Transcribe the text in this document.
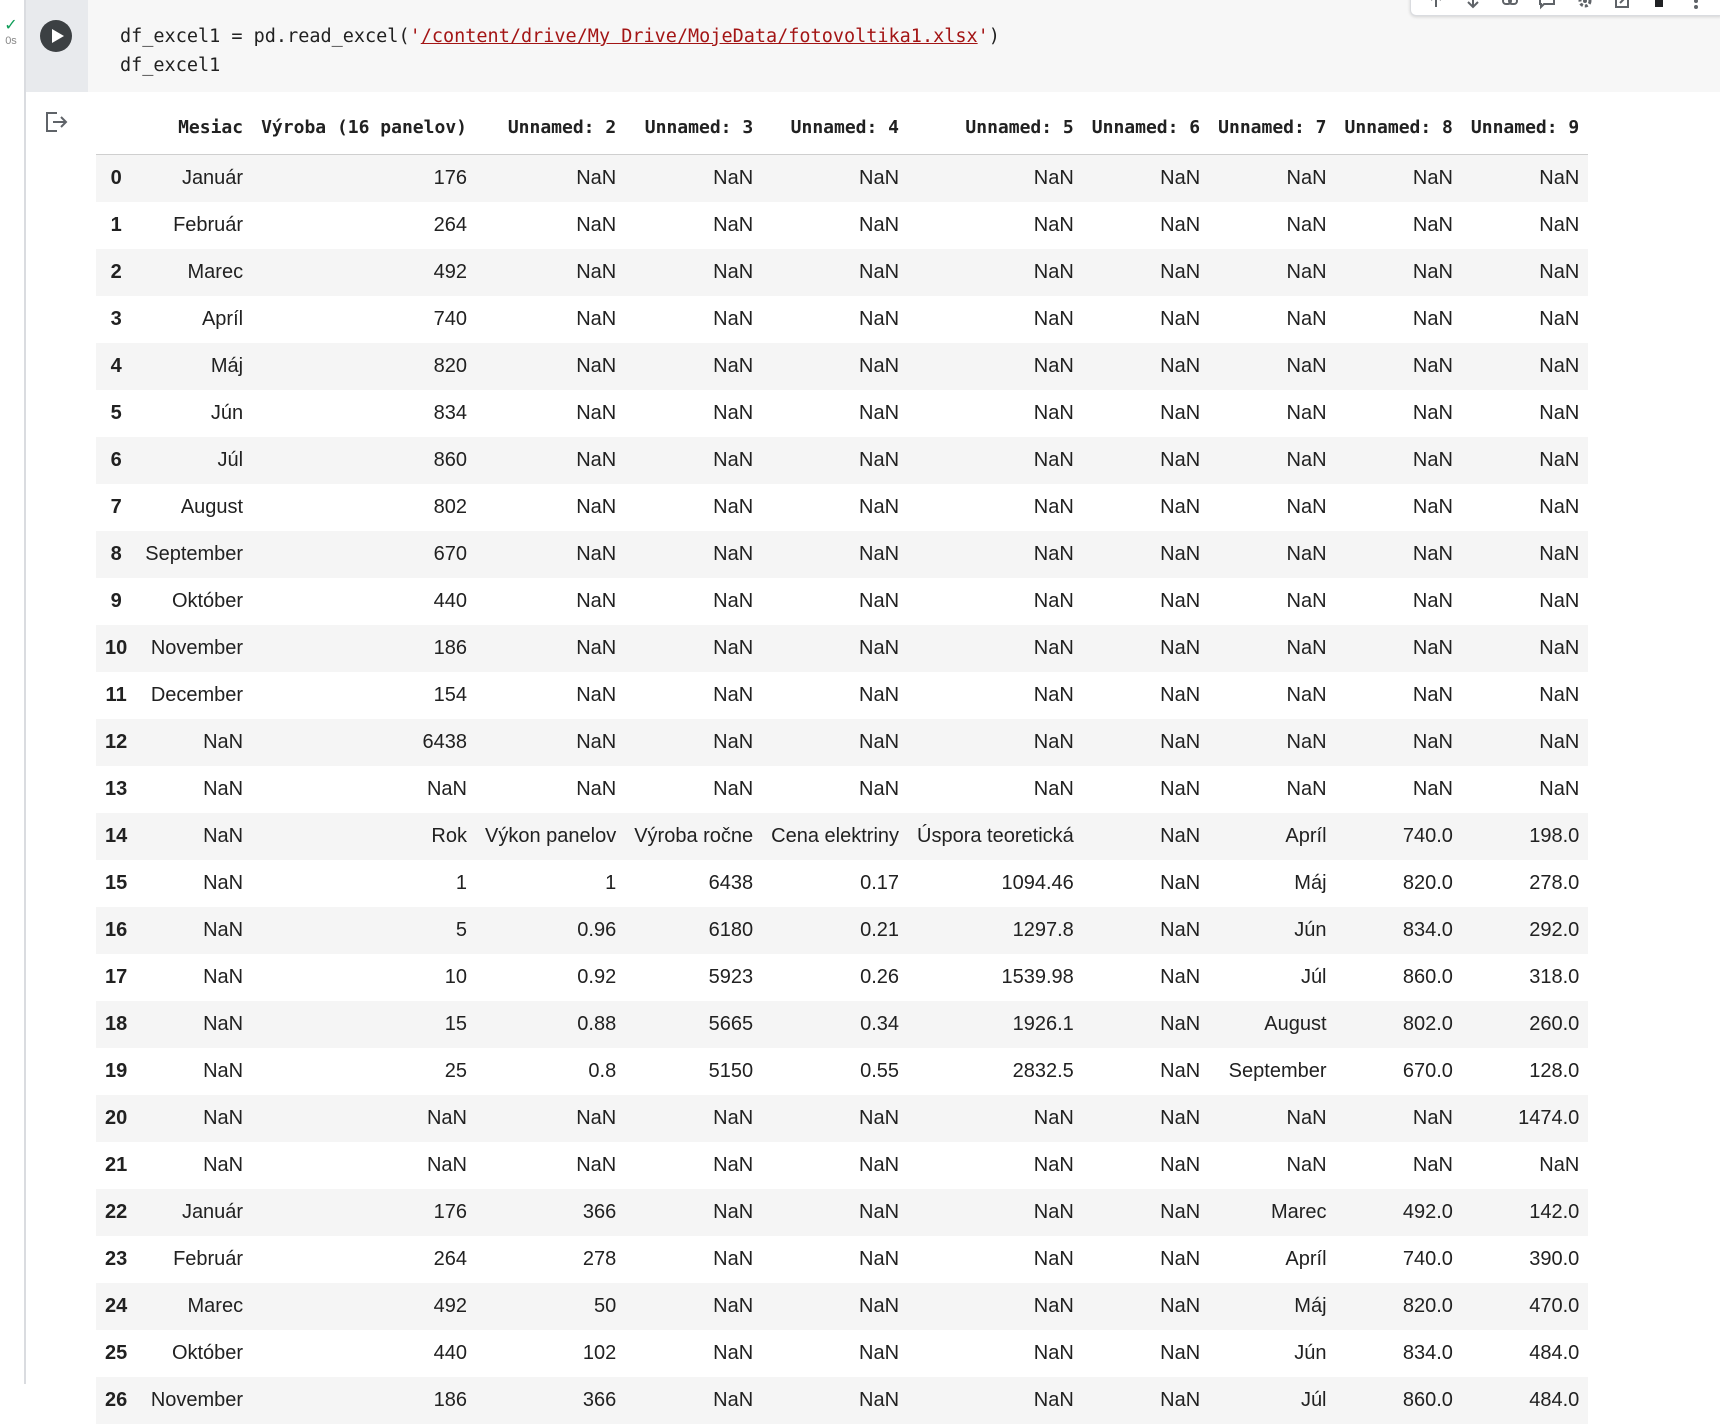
✓
0s	df_excel1 = pd.read_excel('/content/drive/My Drive/MojeData/fotovoltika1.xlsx')
df_excel1
	Mesiac	Výroba (16 panelov)	Unnamed: 2	Unnamed: 3	Unnamed: 4	Unnamed: 5	Unnamed: 6	Unnamed: 7	Unnamed: 8	Unnamed: 9
0	Január	176	NaN	NaN	NaN	NaN	NaN	NaN	NaN	NaN
1	Február	264	NaN	NaN	NaN	NaN	NaN	NaN	NaN	NaN
2	Marec	492	NaN	NaN	NaN	NaN	NaN	NaN	NaN	NaN
3	Apríl	740	NaN	NaN	NaN	NaN	NaN	NaN	NaN	NaN
4	Máj	820	NaN	NaN	NaN	NaN	NaN	NaN	NaN	NaN
5	Jún	834	NaN	NaN	NaN	NaN	NaN	NaN	NaN	NaN
6	Júl	860	NaN	NaN	NaN	NaN	NaN	NaN	NaN	NaN
7	August	802	NaN	NaN	NaN	NaN	NaN	NaN	NaN	NaN
8	September	670	NaN	NaN	NaN	NaN	NaN	NaN	NaN	NaN
9	Október	440	NaN	NaN	NaN	NaN	NaN	NaN	NaN	NaN
10	November	186	NaN	NaN	NaN	NaN	NaN	NaN	NaN	NaN
11	December	154	NaN	NaN	NaN	NaN	NaN	NaN	NaN	NaN
12	NaN	6438	NaN	NaN	NaN	NaN	NaN	NaN	NaN	NaN
13	NaN	NaN	NaN	NaN	NaN	NaN	NaN	NaN	NaN	NaN
14	NaN	Rok	Výkon panelov	Výroba ročne	Cena elektriny	Úspora teoretická	NaN	Apríl	740.0	198.0
15	NaN	1	1	6438	0.17	1094.46	NaN	Máj	820.0	278.0
16	NaN	5	0.96	6180	0.21	1297.8	NaN	Jún	834.0	292.0
17	NaN	10	0.92	5923	0.26	1539.98	NaN	Júl	860.0	318.0
18	NaN	15	0.88	5665	0.34	1926.1	NaN	August	802.0	260.0
19	NaN	25	0.8	5150	0.55	2832.5	NaN	September	670.0	128.0
20	NaN	NaN	NaN	NaN	NaN	NaN	NaN	NaN	NaN	1474.0
21	NaN	NaN	NaN	NaN	NaN	NaN	NaN	NaN	NaN	NaN
22	Január	176	366	NaN	NaN	NaN	NaN	Marec	492.0	142.0
23	Február	264	278	NaN	NaN	NaN	NaN	Apríl	740.0	390.0
24	Marec	492	50	NaN	NaN	NaN	NaN	Máj	820.0	470.0
25	Október	440	102	NaN	NaN	NaN	NaN	Jún	834.0	484.0
26	November	186	366	NaN	NaN	NaN	NaN	Júl	860.0	484.0
